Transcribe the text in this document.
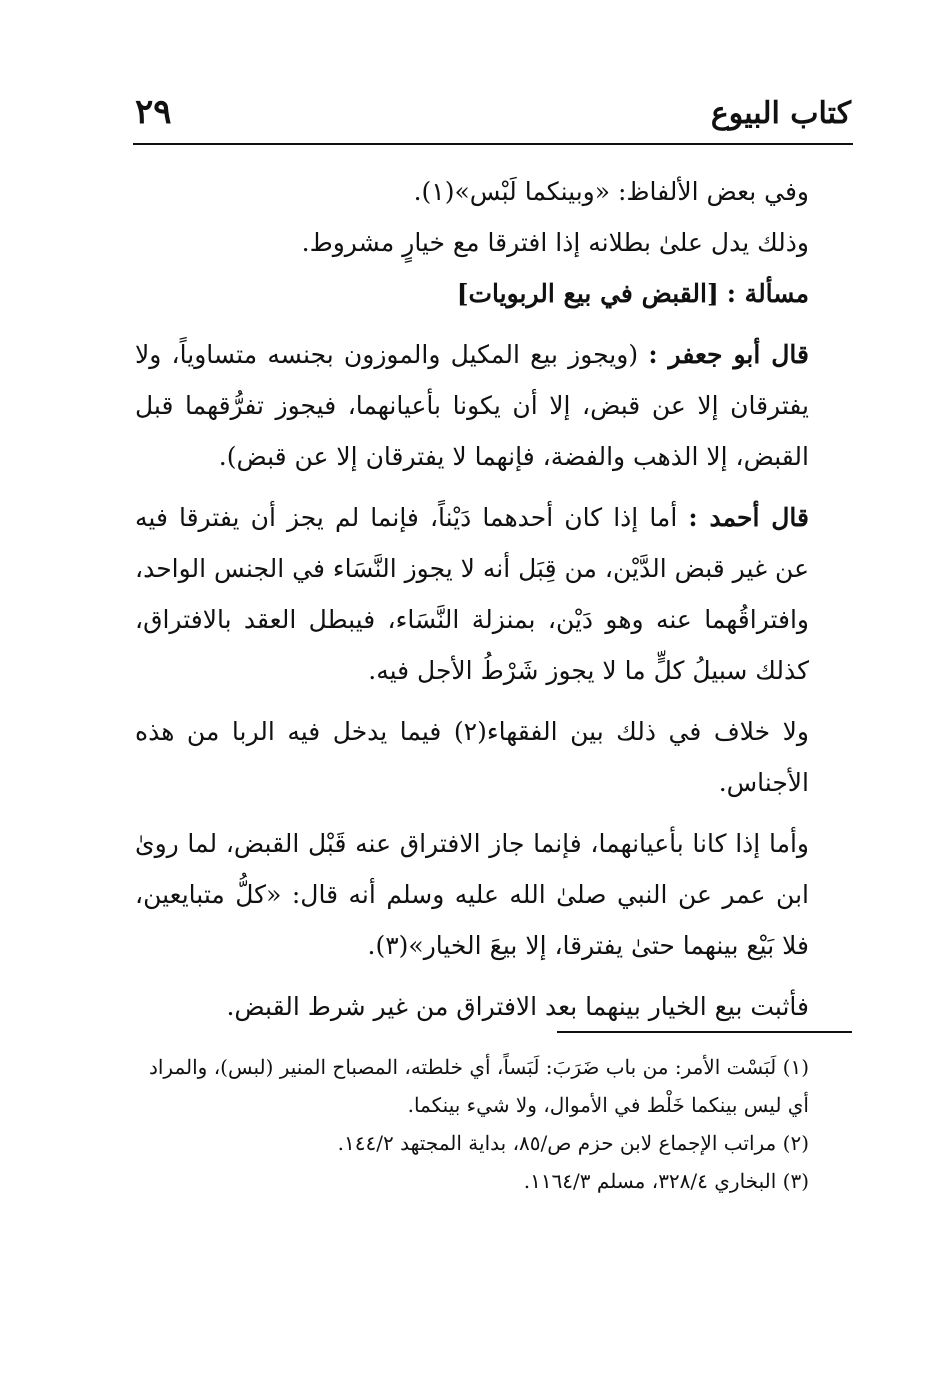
كتاب البيوع
٢٩

وفي بعض الألفاظ: «وبينكما لَبْس»(١).

وذلك يدل علىٰ بطلانه إذا افترقا مع خيارٍ مشروط.

مسألة : [القبض في بيع الربويات]

قال أبو جعفر : (ويجوز بيع المكيل والموزون بجنسه متساوياً، ولا يفترقان إلا عن قبض، إلا أن يكونا بأعيانهما، فيجوز تفرُّقهما قبل القبض، إلا الذهب والفضة، فإنهما لا يفترقان إلا عن قبض).

قال أحمد : أما إذا كان أحدهما دَيْناً، فإنما لم يجز أن يفترقا فيه عن غير قبض الدَّيْن، من قِبَل أنه لا يجوز النَّسَاء في الجنس الواحد، وافتراقُهما عنه وهو دَيْن، بمنزلة النَّسَاء، فيبطل العقد بالافتراق، كذلك سبيلُ كلٍّ ما لا يجوز شَرْطُ الأجل فيه.

ولا خلاف في ذلك بين الفقهاء(٢) فيما يدخل فيه الربا من هذه الأجناس.

وأما إذا كانا بأعيانهما، فإنما جاز الافتراق عنه قَبْل القبض، لما روىٰ ابن عمر عن النبي صلىٰ الله عليه وسلم أنه قال: «كلُّ متبايعين، فلا بَيْع بينهما حتىٰ يفترقا، إلا بيعَ الخيار»(٣).

فأثبت بيع الخيار بينهما بعد الافتراق من غير شرط القبض.

(١) لَبَسْت الأمر: من باب ضَرَبَ: لَبَساً، أي خلطته، المصباح المنير (لبس)، والمراد أي ليس بينكما خَلْط في الأموال، ولا شيء بينكما.

(٢) مراتب الإجماع لابن حزم ص/٨٥، بداية المجتهد ١٤٤/٢.

(٣) البخاري ٣٢٨/٤، مسلم ١١٦٤/٣.
